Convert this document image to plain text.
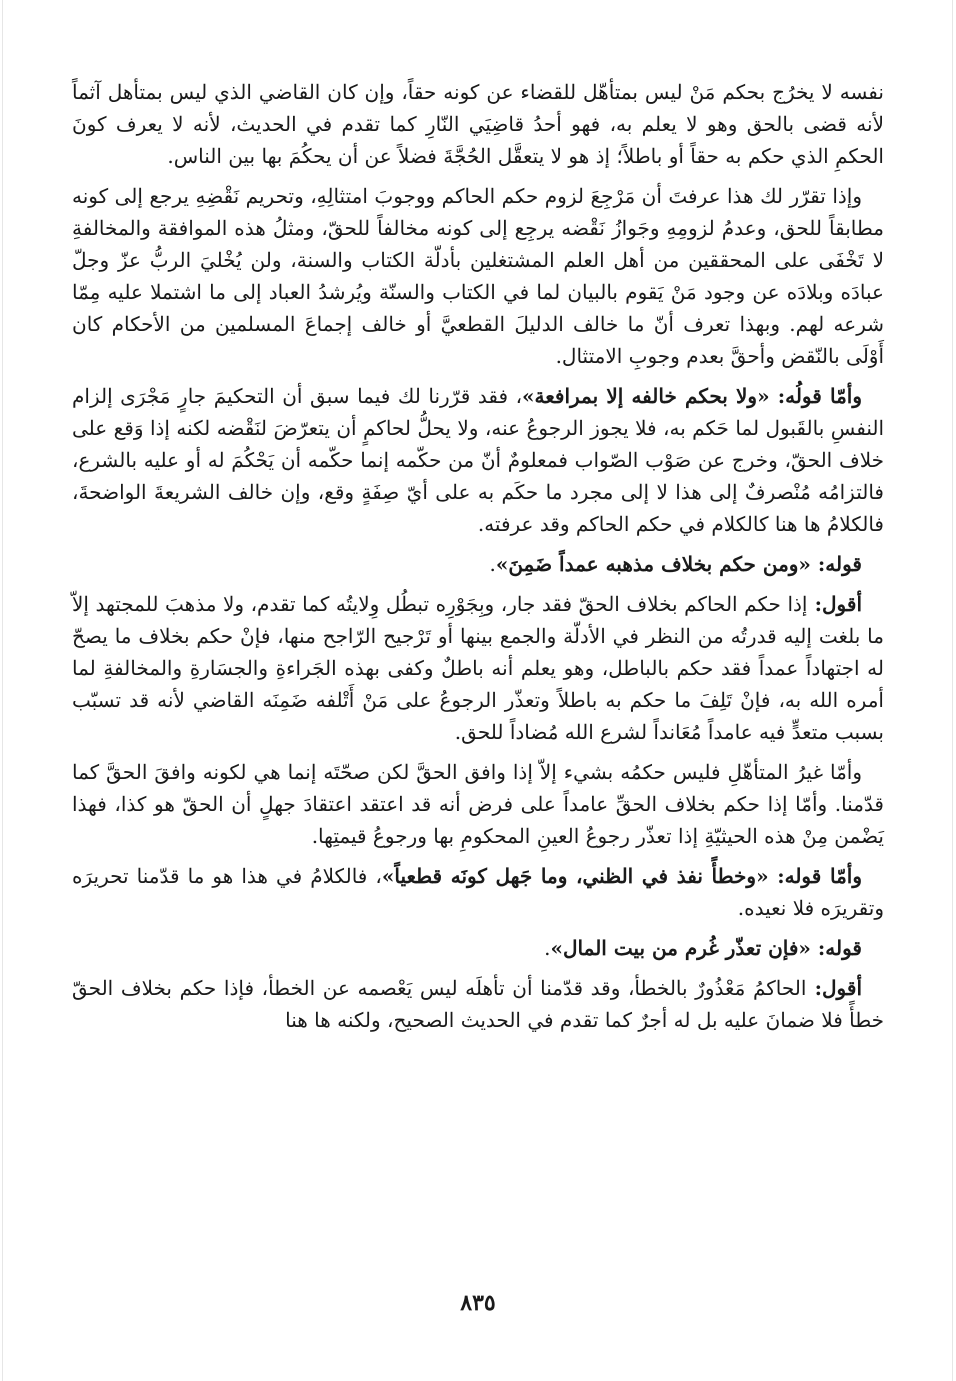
نفسه لا يخرُج بحكم مَنْ ليس بمتأهّل للقضاء عن كونه حقاً، وإن كان القاضي الذي ليس بمتأهل آثماً لأنه قضى بالحق وهو لا يعلم به، فهو أحدُ قاضِيَي النّارِ كما تقدم في الحديث، لأنه لا يعرف كونَ الحكمِ الذي حكم به حقاً أو باطلاً؛ إذ هو لا يتعقَّل الحُجَّةَ فضلاً عن أن يحكُمَ بها بين الناس.

وإذا تقرّر لك هذا عرفتَ أن مَرْجِعَ لزوم حكم الحاكم ووجوبَ امتثالِهِ، وتحريم نَقْضِهِ يرجع إلى كونه مطابقاً للحق، وعدمُ لزومِهِ وجَوازُ نَقْضه يرجِع إلى كونه مخالفاً للحقّ، ومثلُ هذه الموافقة والمخالفةِ لا تَخْفَى على المحققين من أهل العلم المشتغلين بأدلّة الكتاب والسنة، ولن يُخْليَ الربُّ عزّ وجلّ عبادَه وبلادَه عن وجود مَنْ يَقوم بالبيان لما في الكتاب والسنّة ويُرشدُ العباد إلى ما اشتملا عليه مِمّا شرعه لهم. وبهذا تعرف أنّ ما خالف الدليلَ القطعيَّ أو خالف إجماعَ المسلمين من الأحكام كان أَوْلَى بالنّقض وأحقَّ بعدم وجوبِ الامتثال.

وأمّا قولُه: «ولا بحكم خالفه إلا بمرافعة»، فقد قرّرنا لك فيما سبق أن التحكيمَ جارٍ مَجْرَى إلزام النفسِ بالقَبول لما حَكم به، فلا يجوز الرجوعُ عنه، ولا يحلُّ لحاكمٍ أن يتعرّضَ لنَقْضه لكنه إذا وَقع على خلاف الحقّ، وخرج عن صَوْب الصّواب فمعلومٌ أنّ من حكّمه إنما حكّمه أن يَحْكُمَ له أو عليه بالشرع، فالتزامُه مُنْصرفٌ إلى هذا لا إلى مجرد ما حكَم به على أيّ صِفَةٍ وقع، وإن خالف الشريعةَ الواضحةَ، فالكلامُ ها هنا كالكلام في حكم الحاكم وقد عرفته.

قوله: «ومن حكم بخلاف مذهبه عمداً ضَمِنَ».

أقول: إذا حكم الحاكم بخلاف الحقّ فقد جار، وبِجَوْرِه تبطُل وِلايتُه كما تقدم، ولا مذهبَ للمجتهد إلاّ ما بلغت إليه قدرتُه من النظر في الأدلّة والجمع بينها أو تَرْجيح الرّاجح منها، فإنْ حكم بخلاف ما يصحّ له اجتهاداً عمداً فقد حكم بالباطل، وهو يعلم أنه باطلٌ وكفى بهذه الجَراءةِ والجسَارةِ والمخالفةِ لما أمره الله به، فإنْ تَلِفَ ما حكم به باطلاً وتعذّر الرجوعُ على مَنْ أَتْلفه ضَمِنَه القاضي لأنه قد تسبّب بسبب متعدٍّ فيه عامداً مُعَانداً لشرع الله مُضاداً للحق.

وأمّا غيرُ المتأهّلِ فليس حكمُه بشيء إلاّ إذا وافق الحقَّ لكن صحّتَه إنما هي لكونه وافقَ الحقَّ كما قدّمنا. وأمّا إذا حكم بخلاف الحقِّ عامداً على فرض أنه قد اعتقد اعتقادَ جهلٍ أن الحقّ هو كذا، فهذا يَضْمن مِنْ هذه الحيثيّةِ إذا تعذّر رجوعُ العينِ المحكومِ بها ورجوعُ قيمتِها.

وأمّا قوله: «وخطأً نفذ في الظني، وما جَهل كونَه قطعياً»، فالكلامُ في هذا هو ما قدّمنا تحريرَه وتقريرَه فلا نعيده.

قوله: «فإن تعذّر غُرم من بيت المال».

أقول: الحاكمُ مَعْذُورٌ بالخطأ، وقد قدّمنا أن تأهلَه ليس يَعْصمه عن الخطأ، فإذا حكم بخلاف الحقّ خطأً فلا ضمانَ عليه بل له أجرٌ كما تقدم في الحديث الصحيح، ولكنه ها هنا

٨٣٥
